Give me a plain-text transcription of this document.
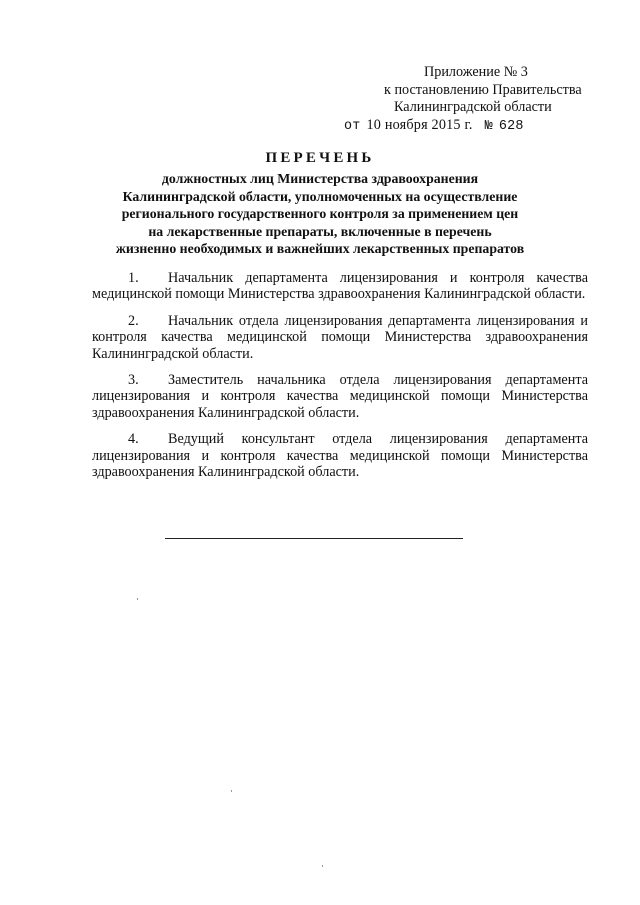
Приложение № 3
к постановлению Правительства
Калининградской области
от 10 ноября 2015 г. № 628
ПЕРЕЧЕНЬ
должностных лиц Министерства здравоохранения
Калининградской области, уполномоченных на осуществление
регионального государственного контроля за применением цен
на лекарственные препараты, включенные в перечень
жизненно необходимых и важнейших лекарственных препаратов

1. Начальник департамента лицензирования и контроля качества медицинской помощи Министерства здравоохранения Калининградской области.

2. Начальник отдела лицензирования департамента лицензирования и контроля качества медицинской помощи Министерства здравоохранения Калининградской области.

3. Заместитель начальника отдела лицензирования департамента лицензирования и контроля качества медицинской помощи Министерства здравоохранения Калининградской области.

4. Ведущий консультант отдела лицензирования департамента лицензирования и контроля качества медицинской помощи Министерства здравоохранения Калининградской области.
